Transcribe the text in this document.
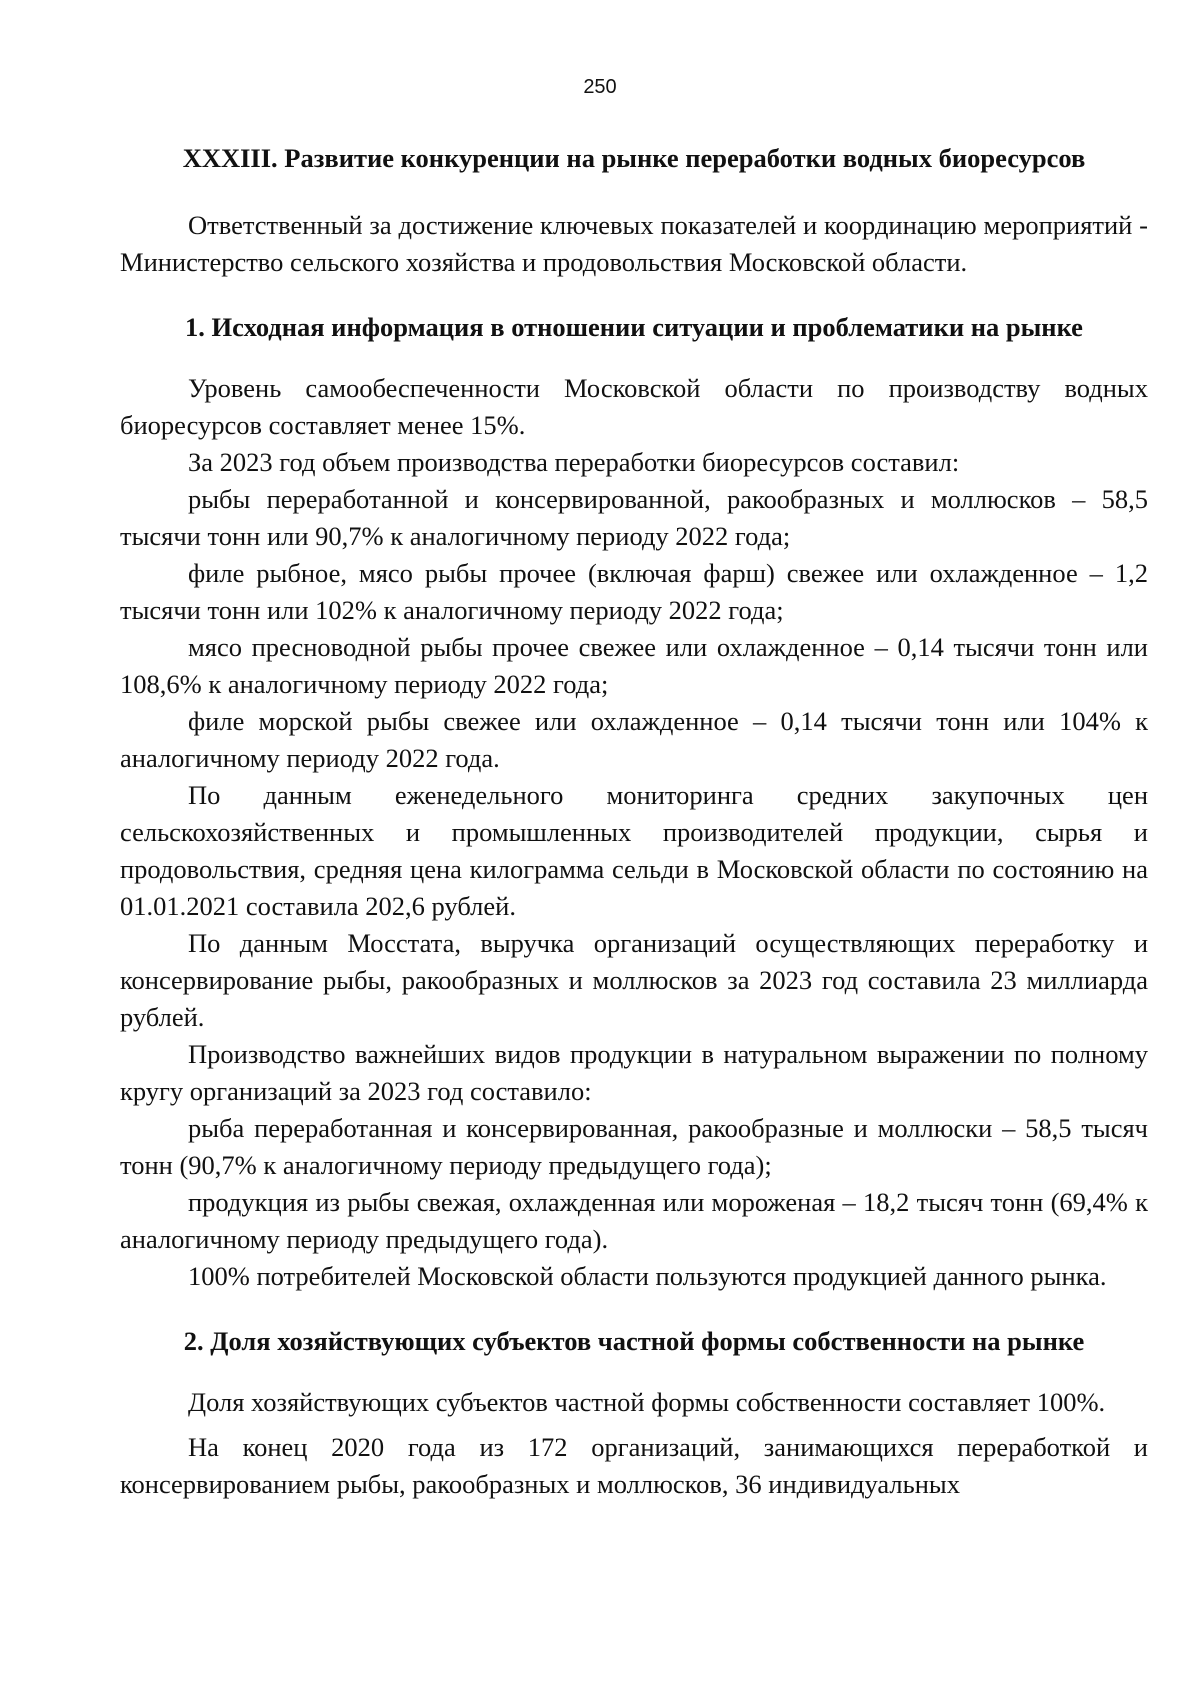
250
XXXIII. Развитие конкуренции на рынке переработки водных биоресурсов

Ответственный за достижение ключевых показателей и координацию мероприятий - Министерство сельского хозяйства и продовольствия Московской области.

1. Исходная информация в отношении ситуации и проблематики на рынке

Уровень самообеспеченности Московской области по производству водных биоресурсов составляет менее 15%.

За 2023 год объем производства переработки биоресурсов составил:

рыбы переработанной и консервированной, ракообразных и моллюсков – 58,5 тысячи тонн или 90,7% к аналогичному периоду 2022 года;

филе рыбное, мясо рыбы прочее (включая фарш) свежее или охлажденное – 1,2 тысячи тонн или 102% к аналогичному периоду 2022 года;

мясо пресноводной рыбы прочее свежее или охлажденное – 0,14 тысячи тонн или 108,6% к аналогичному периоду 2022 года;

филе морской рыбы свежее или охлажденное – 0,14 тысячи тонн или 104% к аналогичному периоду 2022 года.

По данным еженедельного мониторинга средних закупочных цен сельскохозяйственных и промышленных производителей продукции, сырья и продовольствия, средняя цена килограмма сельди в Московской области по состоянию на 01.01.2021 составила 202,6 рублей.

По данным Мосстата, выручка организаций осуществляющих переработку и консервирование рыбы, ракообразных и моллюсков за 2023 год составила 23 миллиарда рублей.

Производство важнейших видов продукции в натуральном выражении по полному кругу организаций за 2023 год составило:

рыба переработанная и консервированная, ракообразные и моллюски – 58,5 тысяч тонн (90,7% к аналогичному периоду предыдущего года);

продукция из рыбы свежая, охлажденная или мороженая – 18,2 тысяч тонн (69,4% к аналогичному периоду предыдущего года).

100% потребителей Московской области пользуются продукцией данного рынка.

2. Доля хозяйствующих субъектов частной формы собственности на рынке

Доля хозяйствующих субъектов частной формы собственности составляет 100%.

На конец 2020 года из 172 организаций, занимающихся переработкой и консервированием рыбы, ракообразных и моллюсков, 36 индивидуальных
